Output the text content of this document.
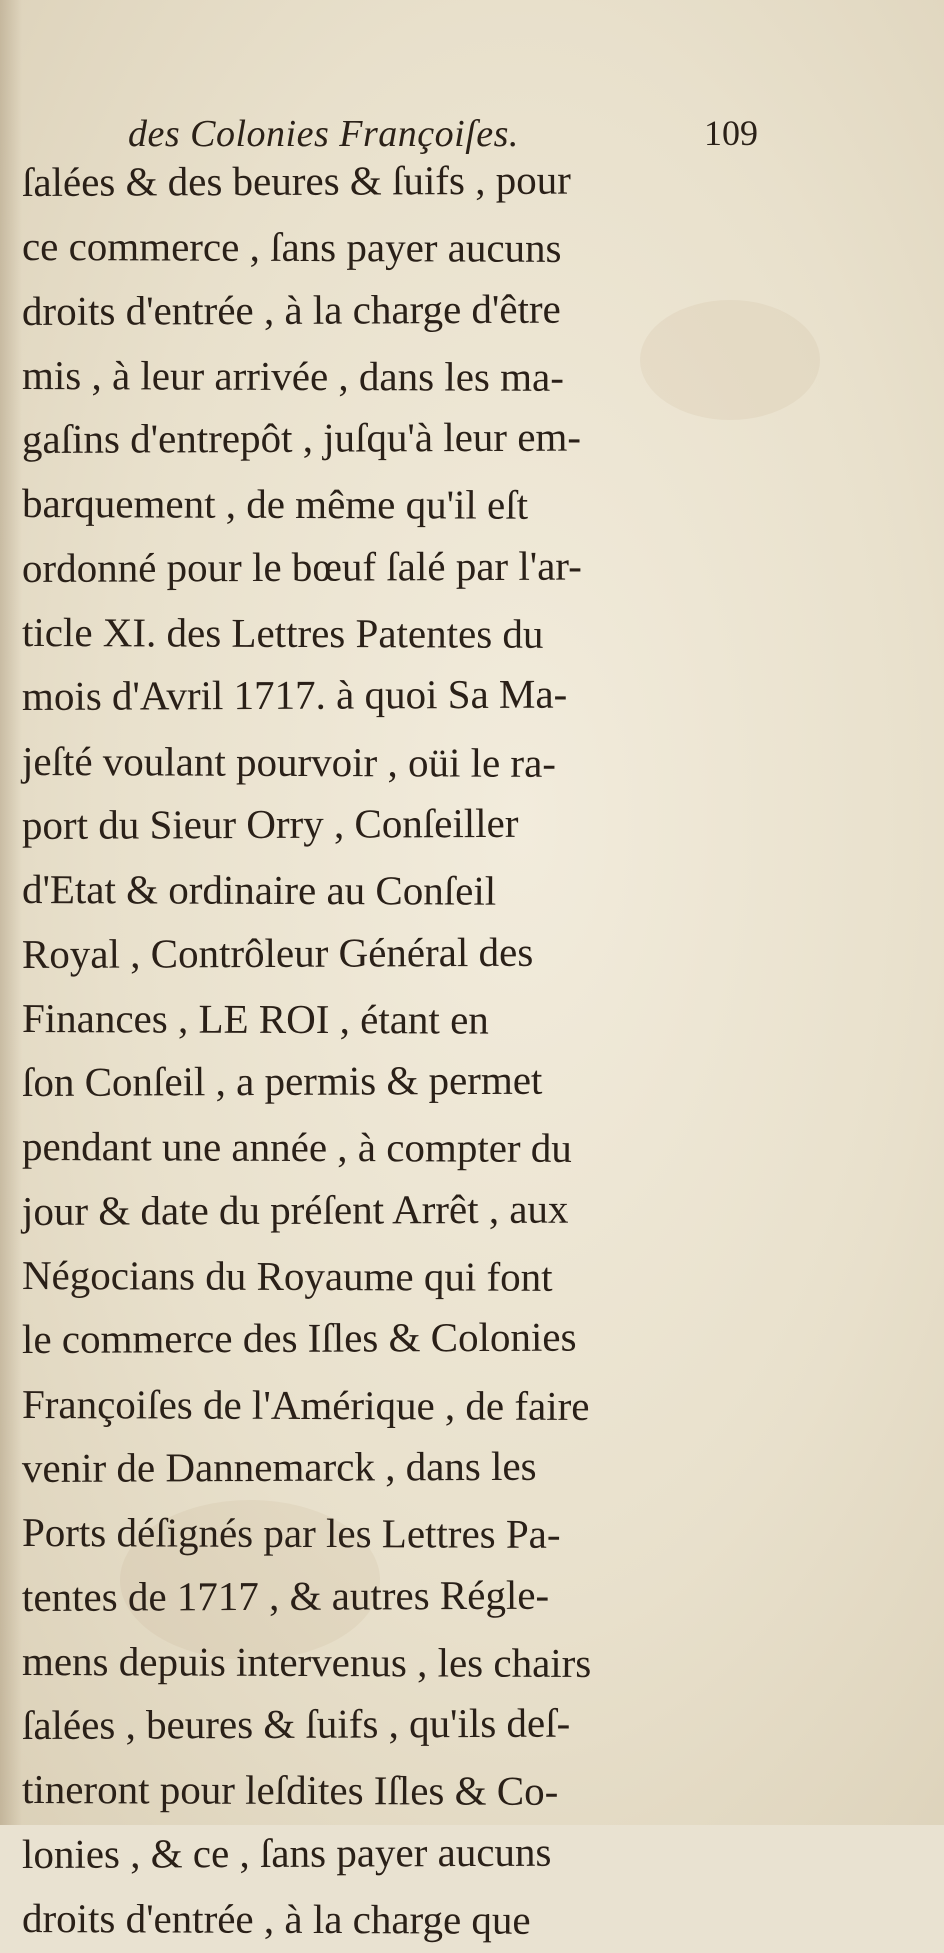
des Colonies Françoiſes.	109
ſalées & des beures & ſuifs , pour
ce commerce , ſans payer aucuns
droits d'entrée , à la charge d'être
mis , à leur arrivée , dans les ma-
gaſins d'entrepôt , juſqu'à leur em-
barquement , de même qu'il eſt
ordonné pour le bœuf ſalé par l'ar-
ticle XI. des Lettres Patentes du
mois d'Avril 1717. à quoi Sa Ma-
jeſté voulant pourvoir , oüi le ra-
port du Sieur Orry , Conſeiller
d'Etat & ordinaire au Conſeil
Royal , Contrôleur Général des
Finances , LE ROI , étant en
ſon Conſeil , a permis & permet
pendant une année , à compter du
jour & date du préſent Arrêt , aux
Négocians du Royaume qui font
le commerce des Iſles & Colonies
Françoiſes de l'Amérique , de faire
venir de Dannemarck , dans les
Ports déſignés par les Lettres Pa-
tentes de 1717 , & autres Régle-
mens depuis intervenus , les chairs
ſalées , beures & ſuifs , qu'ils deſ-
tineront pour leſdites Iſles & Co-
lonies , & ce , ſans payer aucuns
droits d'entrée , à la charge que
